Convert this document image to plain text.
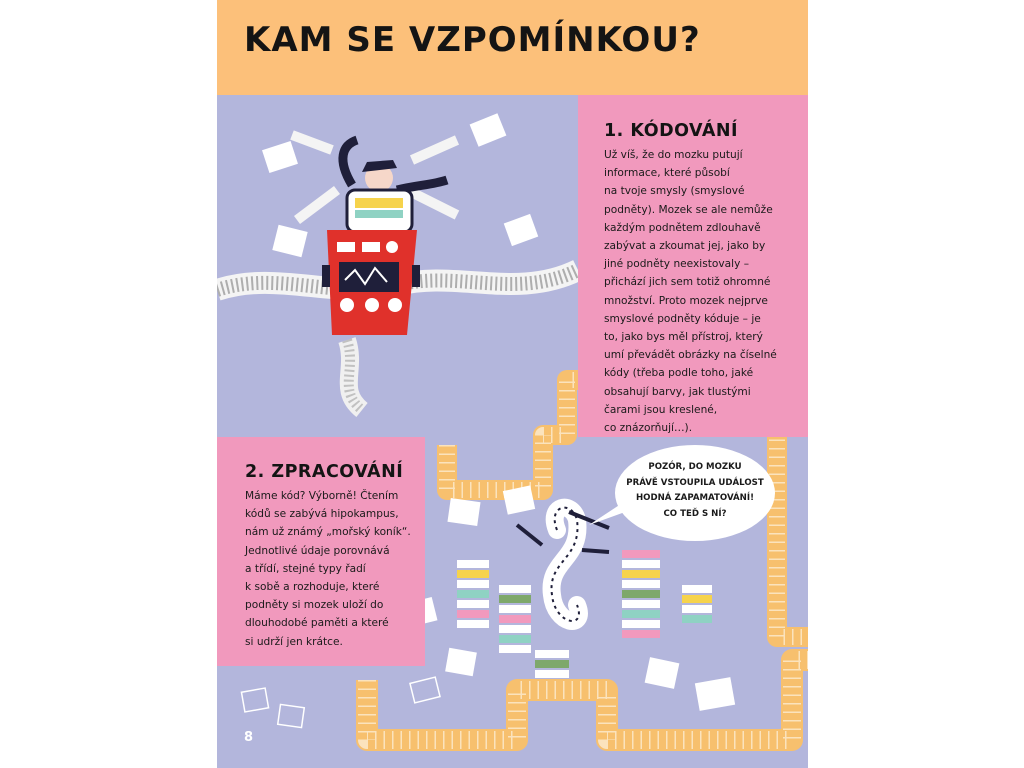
KAM SE VZPOMÍNKOU?
1. KÓDOVÁNÍ

Už víš, že do mozku putují
informace, které působí
na tvoje smysly (smyslové
podněty). Mozek se ale nemůže
každým podnětem zdlouhavě
zabývat a zkoumat jej, jako by
jiné podněty neexistovaly –
přichází jich sem totiž ohromné
množství. Proto mozek nejprve
smyslové podněty kóduje – je
to, jako bys měl přístroj, který
umí převádět obrázky na číselné
kódy (třeba podle toho, jaké
obsahují barvy, jak tlustými
čarami jsou kreslené,
co znázorňují…).

2. ZPRACOVÁNÍ

Máme kód? Výborně! Čtením
kódů se zabývá hipokampus,
nám už známý „mořský koník“.
Jednotlivé údaje porovnává
a třídí, stejné typy řadí
k sobě a rozhoduje, které
podněty si mozek uloží do
dlouhodobé paměti a které
si udrží jen krátce.

POZÓR, DO MOZKU
PRÁVĚ VSTOUPILA UDÁLOST
HODNÁ ZAPAMATOVÁNÍ!
CO TEĎ S NÍ?
8
